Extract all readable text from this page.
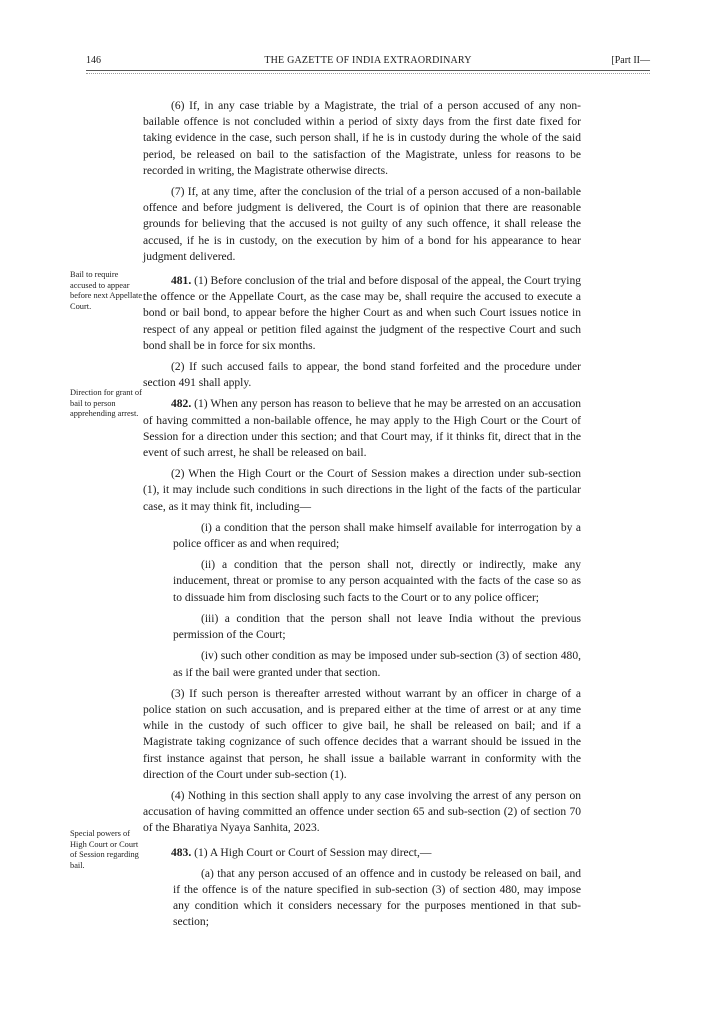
146	THE GAZETTE OF INDIA EXTRAORDINARY	[Part II—
Bail to require accused to appear before next Appellate Court.
Direction for grant of bail to person apprehending arrest.
Special powers of High Court or Court of Session regarding bail.

(6) If, in any case triable by a Magistrate, the trial of a person accused of any non-bailable offence is not concluded within a period of sixty days from the first date fixed for taking evidence in the case, such person shall, if he is in custody during the whole of the said period, be released on bail to the satisfaction of the Magistrate, unless for reasons to be recorded in writing, the Magistrate otherwise directs.

(7) If, at any time, after the conclusion of the trial of a person accused of a non-bailable offence and before judgment is delivered, the Court is of opinion that there are reasonable grounds for believing that the accused is not guilty of any such offence, it shall release the accused, if he is in custody, on the execution by him of a bond for his appearance to hear judgment delivered.

481. (1) Before conclusion of the trial and before disposal of the appeal, the Court trying the offence or the Appellate Court, as the case may be, shall require the accused to execute a bond or bail bond, to appear before the higher Court as and when such Court issues notice in respect of any appeal or petition filed against the judgment of the respective Court and such bond shall be in force for six months.

(2) If such accused fails to appear, the bond stand forfeited and the procedure under section 491 shall apply.

482. (1) When any person has reason to believe that he may be arrested on an accusation of having committed a non-bailable offence, he may apply to the High Court or the Court of Session for a direction under this section; and that Court may, if it thinks fit, direct that in the event of such arrest, he shall be released on bail.

(2) When the High Court or the Court of Session makes a direction under sub-section (1), it may include such conditions in such directions in the light of the facts of the particular case, as it may think fit, including—

(i) a condition that the person shall make himself available for interrogation by a police officer as and when required;

(ii) a condition that the person shall not, directly or indirectly, make any inducement, threat or promise to any person acquainted with the facts of the case so as to dissuade him from disclosing such facts to the Court or to any police officer;

(iii) a condition that the person shall not leave India without the previous permission of the Court;

(iv) such other condition as may be imposed under sub-section (3) of section 480, as if the bail were granted under that section.

(3) If such person is thereafter arrested without warrant by an officer in charge of a police station on such accusation, and is prepared either at the time of arrest or at any time while in the custody of such officer to give bail, he shall be released on bail; and if a Magistrate taking cognizance of such offence decides that a warrant should be issued in the first instance against that person, he shall issue a bailable warrant in conformity with the direction of the Court under sub-section (1).

(4) Nothing in this section shall apply to any case involving the arrest of any person on accusation of having committed an offence under section 65 and sub-section (2) of section 70 of the Bharatiya Nyaya Sanhita, 2023.

483. (1) A High Court or Court of Session may direct,—

(a) that any person accused of an offence and in custody be released on bail, and if the offence is of the nature specified in sub-section (3) of section 480, may impose any condition which it considers necessary for the purposes mentioned in that sub-section;
